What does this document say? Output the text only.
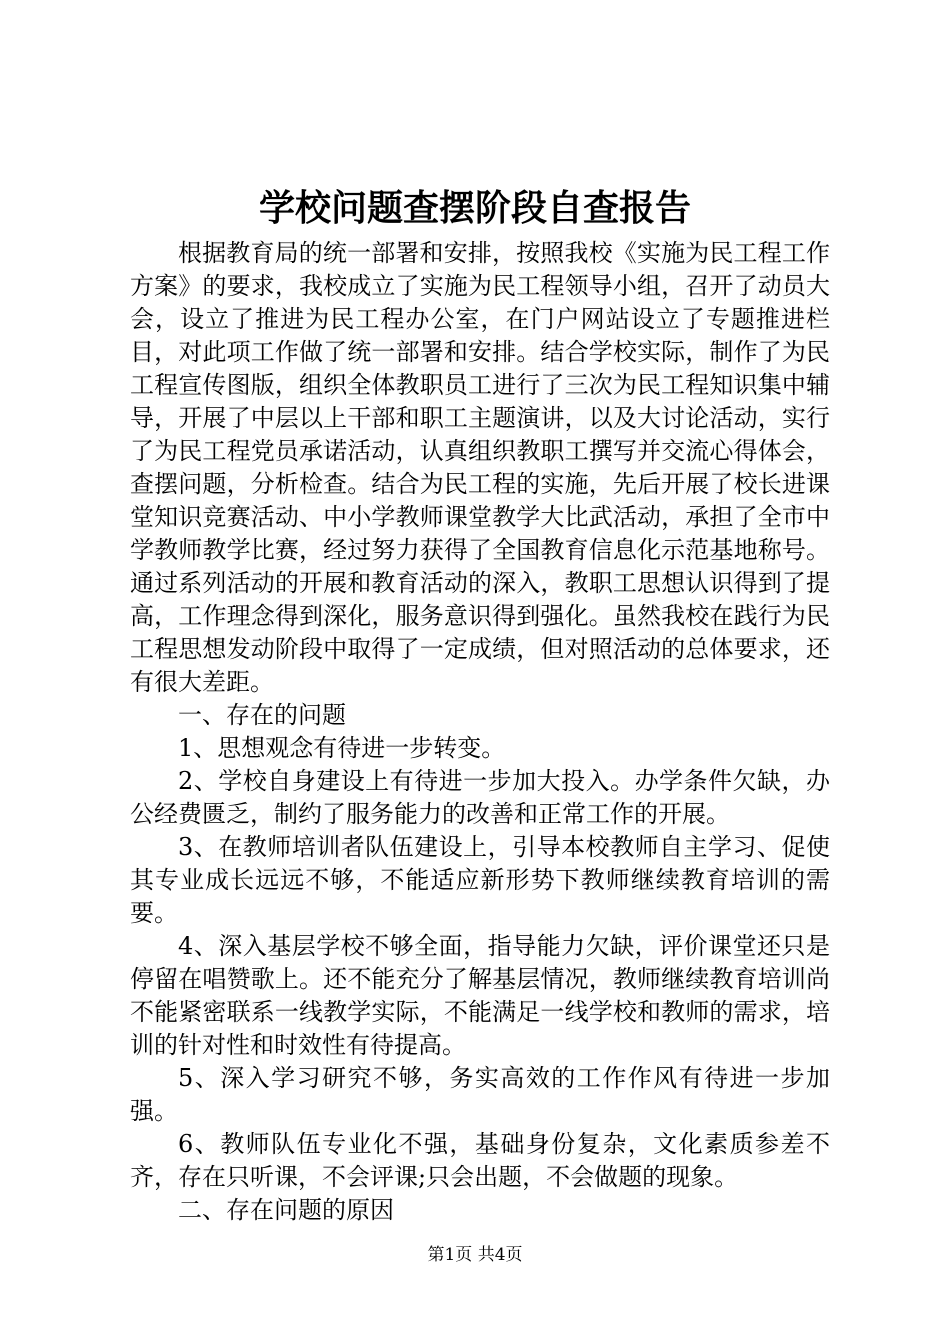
学校问题查摆阶段自查报告

根据教育局的统一部署和安排，按照我校《实施为民工程工作方案》的要求，我校成立了实施为民工程领导小组，召开了动员大会，设立了推进为民工程办公室，在门户网站设立了专题推进栏目，对此项工作做了统一部署和安排。结合学校实际，制作了为民工程宣传图版，组织全体教职员工进行了三次为民工程知识集中辅导，开展了中层以上干部和职工主题演讲，以及大讨论活动，实行了为民工程党员承诺活动，认真组织教职工撰写并交流心得体会，查摆问题，分析检查。结合为民工程的实施，先后开展了校长进课堂知识竞赛活动、中小学教师课堂教学大比武活动，承担了全市中学教师教学比赛，经过努力获得了全国教育信息化示范基地称号。通过系列活动的开展和教育活动的深入，教职工思想认识得到了提高，工作理念得到深化，服务意识得到强化。虽然我校在践行为民工程思想发动阶段中取得了一定成绩，但对照活动的总体要求，还有很大差距。

一、存在的问题

1、思想观念有待进一步转变。

2、学校自身建设上有待进一步加大投入。办学条件欠缺，办公经费匮乏，制约了服务能力的改善和正常工作的开展。

3、在教师培训者队伍建设上，引导本校教师自主学习、促使其专业成长远远不够，不能适应新形势下教师继续教育培训的需要。

4、深入基层学校不够全面，指导能力欠缺，评价课堂还只是停留在唱赞歌上。还不能充分了解基层情况，教师继续教育培训尚不能紧密联系一线教学实际，不能满足一线学校和教师的需求，培训的针对性和时效性有待提高。

5、深入学习研究不够，务实高效的工作作风有待进一步加强。

6、教师队伍专业化不强，基础身份复杂，文化素质参差不齐，存在只听课，不会评课;只会出题，不会做题的现象。

二、存在问题的原因

第1页 共4页
